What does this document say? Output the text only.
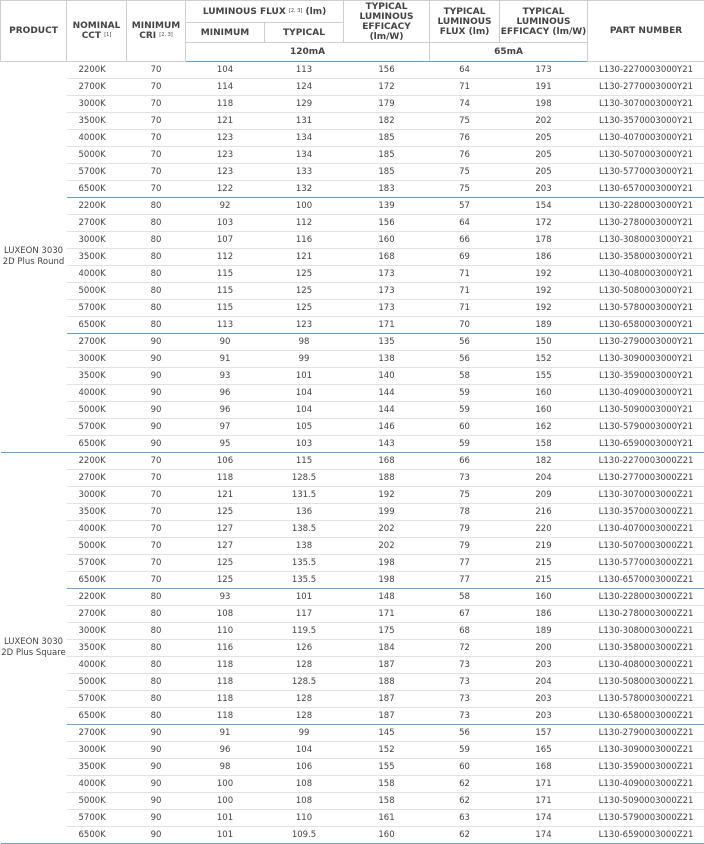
PRODUCT	NOMINAL CCT [1]	MINIMUM CRI [2, 3]	LUMINOUS FLUX [2, 3] (lm)		TYPICAL LUMINOUS EFFICACY (lm/W)	TYPICAL LUMINOUS FLUX (lm)	TYPICAL LUMINOUS EFFICACY (lm/W)	PART NUMBER
			MINIMUM	TYPICAL				
			120mA			65mA		
LUXEON 3030 2D Plus Round	2200K	70	104	113	156	64	173	L130-2270003000Y21
	2700K	70	114	124	172	71	191	L130-2770003000Y21
	3000K	70	118	129	179	74	198	L130-3070003000Y21
	3500K	70	121	131	182	75	202	L130-3570003000Y21
	4000K	70	123	134	185	76	205	L130-4070003000Y21
	5000K	70	123	134	185	76	205	L130-5070003000Y21
	5700K	70	123	133	185	75	205	L130-5770003000Y21
	6500K	70	122	132	183	75	203	L130-6570003000Y21
	2200K	80	92	100	139	57	154	L130-2280003000Y21
	2700K	80	103	112	156	64	172	L130-2780003000Y21
	3000K	80	107	116	160	66	178	L130-3080003000Y21
	3500K	80	112	121	168	69	186	L130-3580003000Y21
	4000K	80	115	125	173	71	192	L130-4080003000Y21
	5000K	80	115	125	173	71	192	L130-5080003000Y21
	5700K	80	115	125	173	71	192	L130-5780003000Y21
	6500K	80	113	123	171	70	189	L130-6580003000Y21
	2700K	90	90	98	135	56	150	L130-2790003000Y21
	3000K	90	91	99	138	56	152	L130-3090003000Y21
	3500K	90	93	101	140	58	155	L130-3590003000Y21
	4000K	90	96	104	144	59	160	L130-4090003000Y21
	5000K	90	96	104	144	59	160	L130-5090003000Y21
	5700K	90	97	105	146	60	162	L130-5790003000Y21
	6500K	90	95	103	143	59	158	L130-6590003000Y21
LUXEON 3030 2D Plus Square	2200K	70	106	115	168	66	182	L130-2270003000Z21
	2700K	70	118	128.5	188	73	204	L130-2770003000Z21
	3000K	70	121	131.5	192	75	209	L130-3070003000Z21
	3500K	70	125	136	199	78	216	L130-3570003000Z21
	4000K	70	127	138.5	202	79	220	L130-4070003000Z21
	5000K	70	127	138	202	79	219	L130-5070003000Z21
	5700K	70	125	135.5	198	77	215	L130-5770003000Z21
	6500K	70	125	135.5	198	77	215	L130-6570003000Z21
	2200K	80	93	101	148	58	160	L130-2280003000Z21
	2700K	80	108	117	171	67	186	L130-2780003000Z21
	3000K	80	110	119.5	175	68	189	L130-3080003000Z21
	3500K	80	116	126	184	72	200	L130-3580003000Z21
	4000K	80	118	128	187	73	203	L130-4080003000Z21
	5000K	80	118	128.5	188	73	204	L130-5080003000Z21
	5700K	80	118	128	187	73	203	L130-5780003000Z21
	6500K	80	118	128	187	73	203	L130-6580003000Z21
	2700K	90	91	99	145	56	157	L130-2790003000Z21
	3000K	90	96	104	152	59	165	L130-3090003000Z21
	3500K	90	98	106	155	60	168	L130-3590003000Z21
	4000K	90	100	108	158	62	171	L130-4090003000Z21
	5000K	90	100	108	158	62	171	L130-5090003000Z21
	5700K	90	101	110	161	63	174	L130-5790003000Z21
	6500K	90	101	109.5	160	62	174	L130-6590003000Z21
